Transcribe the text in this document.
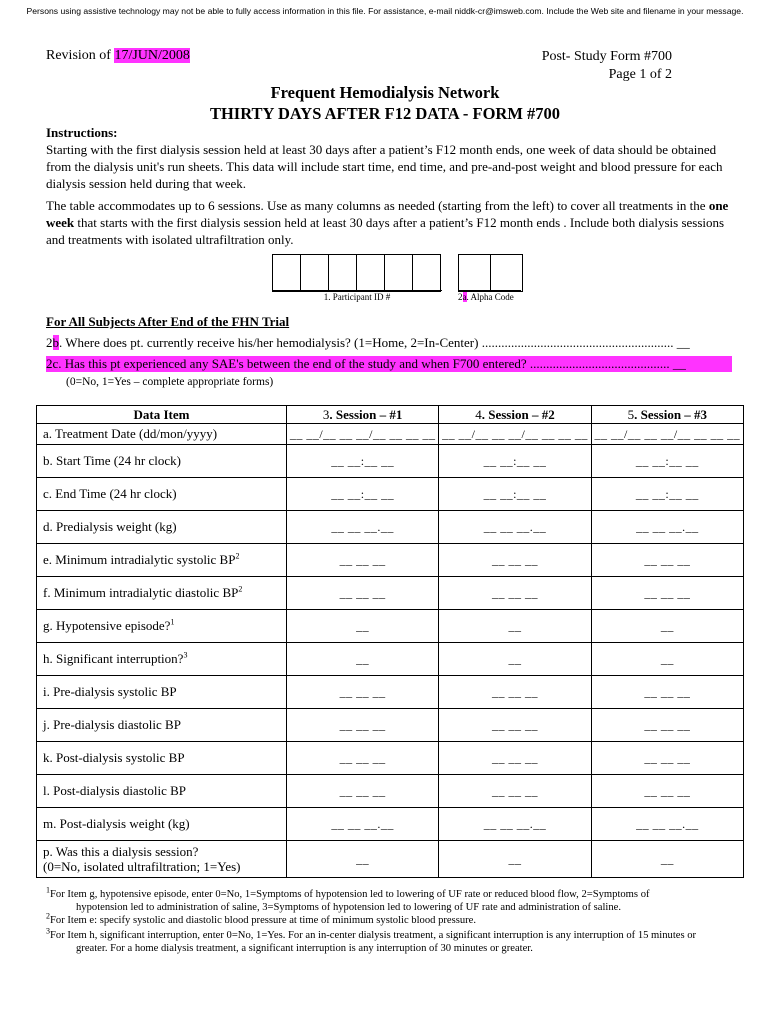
Persons using assistive technology may not be able to fully access information in this file. For assistance, e-mail niddk-cr@imsweb.com. Include the Web site and filename in your message.
Revision of 17/JUN/2008	Post- Study Form #700
Page 1 of 2
Frequent Hemodialysis Network
THIRTY DAYS AFTER F12 DATA - FORM #700
Instructions:
Starting with the first dialysis session held at least 30 days after a patient’s F12 month ends, one week of data should be obtained from the dialysis unit's run sheets. This data will include start time, end time, and pre-and-post weight and blood pressure for each dialysis session held during that week.
The table accommodates up to 6 sessions. Use as many columns as needed (starting from the left) to cover all treatments in the one week that starts with the first dialysis session held at least 30 days after a patient’s F12 month ends . Include both dialysis sessions and treatments with isolated ultrafiltration only.
1. Participant ID #	2a. Alpha Code
For All Subjects After End of the FHN Trial
2b. Where does pt. currently receive his/her hemodialysis? (1=Home, 2=In-Center) ........................................................... __
2c. Has this pt experienced any SAE's between the end of the study and when F700 entered? ........................................... __
(0=No, 1=Yes – complete appropriate forms)
Data Item	3. Session – #1	4. Session – #2	5. Session – #3
a. Treatment Date (dd/mon/yyyy)	__ __/__ __ __/__ __ __ __	__ __/__ __ __/__ __ __ __	__ __/__ __ __/__ __ __ __
b. Start Time (24 hr clock)	__ __:__ __	__ __:__ __	__ __:__ __
c. End Time (24 hr clock)	__ __:__ __	__ __:__ __	__ __:__ __
d. Predialysis weight (kg)	__ __ __.__	__ __ __.__	__ __ __.__
e. Minimum intradialytic systolic $BP^2$	__ __ __	__ __ __	__ __ __
f. Minimum intradialytic diastolic $BP^2$	__ __ __	__ __ __	__ __ __
g. Hypotensive episode?$^1$	__	__	__
h. Significant interruption?$^3$	__	__	__
i. Pre-dialysis systolic BP	__ __ __	__ __ __	__ __ __
j. Pre-dialysis diastolic BP	__ __ __	__ __ __	__ __ __
k. Post-dialysis systolic BP	__ __ __	__ __ __	__ __ __
l. Post-dialysis diastolic BP	__ __ __	__ __ __	__ __ __
m. Post-dialysis weight (kg)	__ __ __.__	__ __ __.__	__ __ __.__

p. Was this a dialysis session?
(0=No, isolated ultrafiltration; 1=Yes)	__	__	__
$^1$For Item g, hypotensive episode, enter 0=No, 1=Symptoms of hypotension led to lowering of UF rate or reduced blood flow, 2=Symptoms of
hypotension led to administration of saline, 3=Symptoms of hypotension led to lowering of UF rate and administration of saline.
$^2$For Item e: specify systolic and diastolic blood pressure at time of minimum systolic blood pressure.
$^3$For Item h, significant interruption, enter 0=No, 1=Yes. For an in-center dialysis treatment, a significant interruption is any interruption of 15 minutes or
greater. For a home dialysis treatment, a significant interruption is any interruption of 30 minutes or greater.
